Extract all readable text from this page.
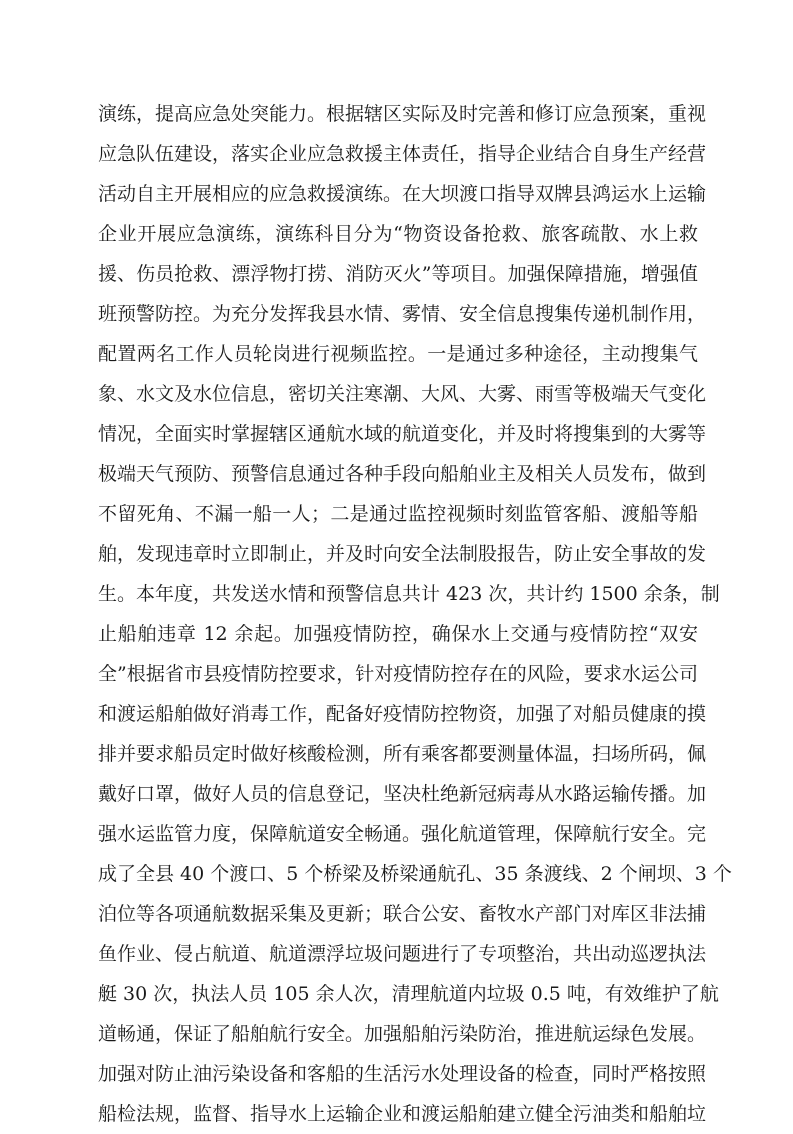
演练，提高应急处突能力。根据辖区实际及时完善和修订应急预案，重视
应急队伍建设，落实企业应急救援主体责任，指导企业结合自身生产经营
活动自主开展相应的应急救援演练。在大坝渡口指导双牌县鸿运水上运输
企业开展应急演练，演练科目分为“物资设备抢救、旅客疏散、水上救
援、伤员抢救、漂浮物打捞、消防灭火”等项目。加强保障措施，增强值
班预警防控。为充分发挥我县水情、雾情、安全信息搜集传递机制作用，
配置两名工作人员轮岗进行视频监控。一是通过多种途径，主动搜集气
象、水文及水位信息，密切关注寒潮、大风、大雾、雨雪等极端天气变化
情况，全面实时掌握辖区通航水域的航道变化，并及时将搜集到的大雾等
极端天气预防、预警信息通过各种手段向船舶业主及相关人员发布，做到
不留死角、不漏一船一人；二是通过监控视频时刻监管客船、渡船等船
舶，发现违章时立即制止，并及时向安全法制股报告，防止安全事故的发
生。本年度，共发送水情和预警信息共计 423 次，共计约 1500 余条，制
止船舶违章 12 余起。加强疫情防控，确保水上交通与疫情防控“双安
全”根据省市县疫情防控要求，针对疫情防控存在的风险，要求水运公司
和渡运船舶做好消毒工作，配备好疫情防控物资，加强了对船员健康的摸
排并要求船员定时做好核酸检测，所有乘客都要测量体温，扫场所码，佩
戴好口罩，做好人员的信息登记，坚决杜绝新冠病毒从水路运输传播。加
强水运监管力度，保障航道安全畅通。强化航道管理，保障航行安全。完
成了全县 40 个渡口、5 个桥梁及桥梁通航孔、35 条渡线、2 个闸坝、3 个
泊位等各项通航数据采集及更新；联合公安、畜牧水产部门对库区非法捕
鱼作业、侵占航道、航道漂浮垃圾问题进行了专项整治，共出动巡逻执法
艇 30 次，执法人员 105 余人次，清理航道内垃圾 0.5 吨，有效维护了航
道畅通，保证了船舶航行安全。加强船舶污染防治，推进航运绿色发展。
加强对防止油污染设备和客船的生活污水处理设备的检查，同时严格按照
船检法规，监督、指导水上运输企业和渡运船舶建立健全污油类和船舶垃
